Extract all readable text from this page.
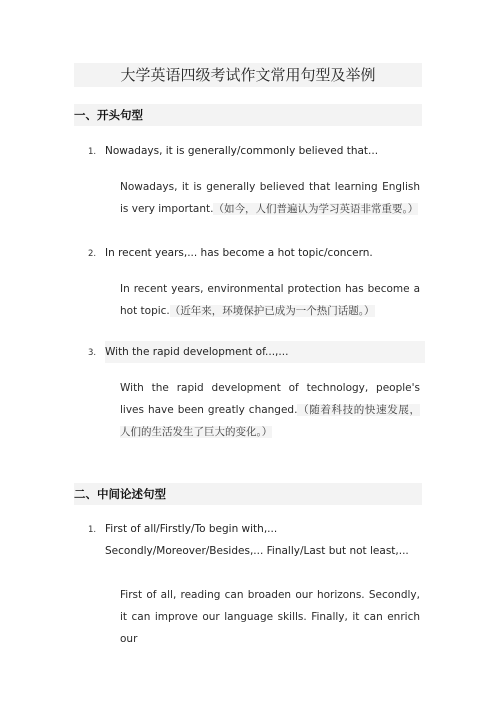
大学英语四级考试作文常用句型及举例
一、开头句型
1. Nowadays, it is generally/commonly believed that...
Nowadays, it is generally believed that learning English is very important.（如今，人们普遍认为学习英语非常重要。）
2. In recent years,... has become a hot topic/concern.
In recent years, environmental protection has become a hot topic.（近年来，环境保护已成为一个热门话题。）
3. With the rapid development of...,...
With the rapid development of technology, people's lives have been greatly changed.（随着科技的快速发展，人们的生活发生了巨大的变化。）
二、中间论述句型
1. First of all/Firstly/To begin with,... Secondly/Moreover/Besides,... Finally/Last but not least,...
First of all, reading can broaden our horizons. Secondly, it can improve our language skills. Finally, it can enrich our
